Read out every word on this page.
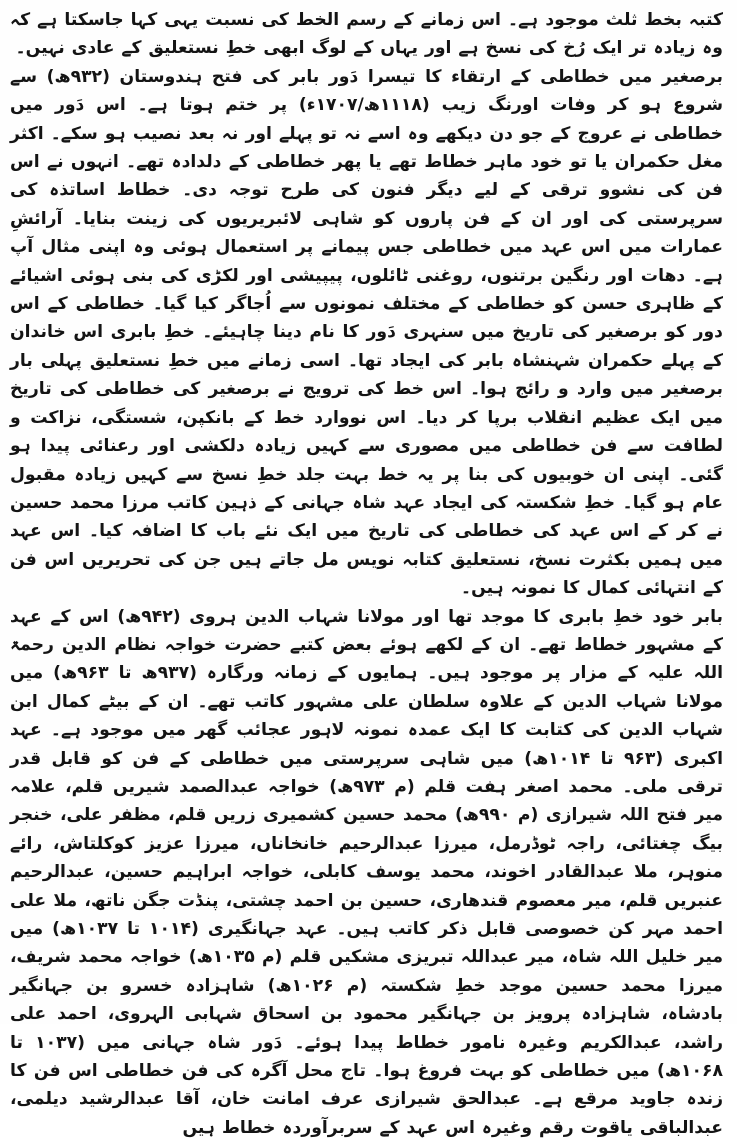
کتبہ بخط ثلث موجود ہے۔ اس زمانے کے رسم الخط کی نسبت یہی کہا جاسکتا ہے کہ وہ زیادہ تر ایک رُخ کی نسخ ہے اور یہاں کے لوگ ابھی خطِ نستعلیق کے عادی نہیں۔

برصغیر میں خطاطی کے ارتقاء کا تیسرا دَور بابر کی فتح ہندوستان (۹۳۲ھ) سے شروع ہو کر وفات اورنگ زیب (۱۱۱۸ھ/۱۷۰۷ء) پر ختم ہوتا ہے۔ اس دَور میں خطاطی نے عروج کے جو دن دیکھے وہ اسے نہ تو پہلے اور نہ بعد نصیب ہو سکے۔ اکثر مغل حکمران یا تو خود ماہر خطاط تھے یا پھر خطاطی کے دلدادہ تھے۔ انہوں نے اس فن کی نشوو ترقی کے لیے دیگر فنون کی طرح توجہ دی۔ خطاط اساتذہ کی سرپرستی کی اور ان کے فن پاروں کو شاہی لائبریریوں کی زینت بنایا۔ آرائشِ عمارات میں اس عہد میں خطاطی جس پیمانے پر استعمال ہوئی وہ اپنی مثال آپ ہے۔ دھات اور رنگین برتنوں، روغنی ٹائلوں، پیپیشی اور لکڑی کی بنی ہوئی اشیائے کے ظاہری حسن کو خطاطی کے مختلف نمونوں سے اُجاگر کیا گیا۔ خطاطی کے اس دور کو برصغیر کی تاریخ میں سنہری دَور کا نام دینا چاہیئے۔ خطِ بابری اس خاندان کے پہلے حکمران شہنشاہ بابر کی ایجاد تھا۔ اسی زمانے میں خطِ نستعلیق پہلی بار برصغیر میں وارد و رائج ہوا۔ اس خط کی ترویج نے برصغیر کی خطاطی کی تاریخ میں ایک عظیم انقلاب برپا کر دیا۔ اس نووارد خط کے بانکپن، شستگی، نزاکت و لطافت سے فن خطاطی میں مصوری سے کہیں زیادہ دلکشی اور رعنائی پیدا ہو گئی۔ اپنی ان خوبیوں کی بنا پر یہ خط بہت جلد خطِ نسخ سے کہیں زیادہ مقبول عام ہو گیا۔ خطِ شکستہ کی ایجاد عہد شاہ جہانی کے ذہین کاتب مرزا محمد حسین نے کر کے اس عہد کی خطاطی کی تاریخ میں ایک نئے باب کا اضافہ کیا۔ اس عہد میں ہمیں بکثرت نسخ، نستعلیق کتابہ نویس مل جاتے ہیں جن کی تحریریں اس فن کے انتہائی کمال کا نمونہ ہیں۔

بابر خود خطِ بابری کا موجد تھا اور مولانا شہاب الدین ہروی (۹۴۲ھ) اس کے عہد کے مشہور خطاط تھے۔ ان کے لکھے ہوئے بعض کتبے حضرت خواجہ نظام الدین رحمۃ اللہ علیہ کے مزار پر موجود ہیں۔ ہمایوں کے زمانہ ورگارہ (۹۳۷ھ تا ۹۶۳ھ) میں مولانا شہاب الدین کے علاوہ سلطان علی مشہور کاتب تھے۔ ان کے بیٹے کمال ابن شہاب الدین کی کتابت کا ایک عمدہ نمونہ لاہور عجائب گھر میں موجود ہے۔ عہد اکبری (۹۶۳ تا ۱۰۱۴ھ) میں شاہی سرپرستی میں خطاطی کے فن کو قابل قدر ترقی ملی۔ محمد اصغر ہفت قلم (م ۹۷۳ھ) خواجہ عبدالصمد شیریں قلم، علامہ میر فتح اللہ شیرازی (م ۹۹۰ھ) محمد حسین کشمیری زریں قلم، مظفر علی، خنجر بیگ چغتائی، راجہ ٹوڈرمل، میرزا عبدالرحیم خانخاناں، میرزا عزیز کوکلتاش، رائے منوہر، ملا عبدالقادر اخوند، محمد یوسف کابلی، خواجہ ابراہیم حسین، عبدالرحیم عنبریں قلم، میر معصوم قندھاری، حسین بن احمد چشتی، پنڈت جگن ناتھ، ملا علی احمد مہر کن خصوصی قابل ذکر کاتب ہیں۔ عہد جہانگیری (۱۰۱۴ تا ۱۰۳۷ھ) میں میر خلیل اللہ شاہ، میر عبداللہ تبریزی مشکیں قلم (م ۱۰۳۵ھ) خواجہ محمد شریف، میرزا محمد حسین موجد خطِ شکستہ (م ۱۰۲۶ھ) شاہزادہ خسرو بن جہانگیر بادشاہ، شاہزادہ پرویز بن جہانگیر محمود بن اسحاق شہابی الہروی، احمد علی راشد، عبدالکریم وغیرہ نامور خطاط پیدا ہوئے۔ دَور شاہ جہانی میں (۱۰۳۷ تا ۱۰۶۸ھ) میں خطاطی کو بہت فروغ ہوا۔ تاج محل آگرہ کی فن خطاطی اس فن کا زندہ جاوید مرقع ہے۔ عبدالحق شیرازی عرف امانت خان، آقا عبدالرشید دیلمی، عبدالباقی یاقوت رقم وغیرہ اس عہد کے سربرآوردہ خطاط ہیں
